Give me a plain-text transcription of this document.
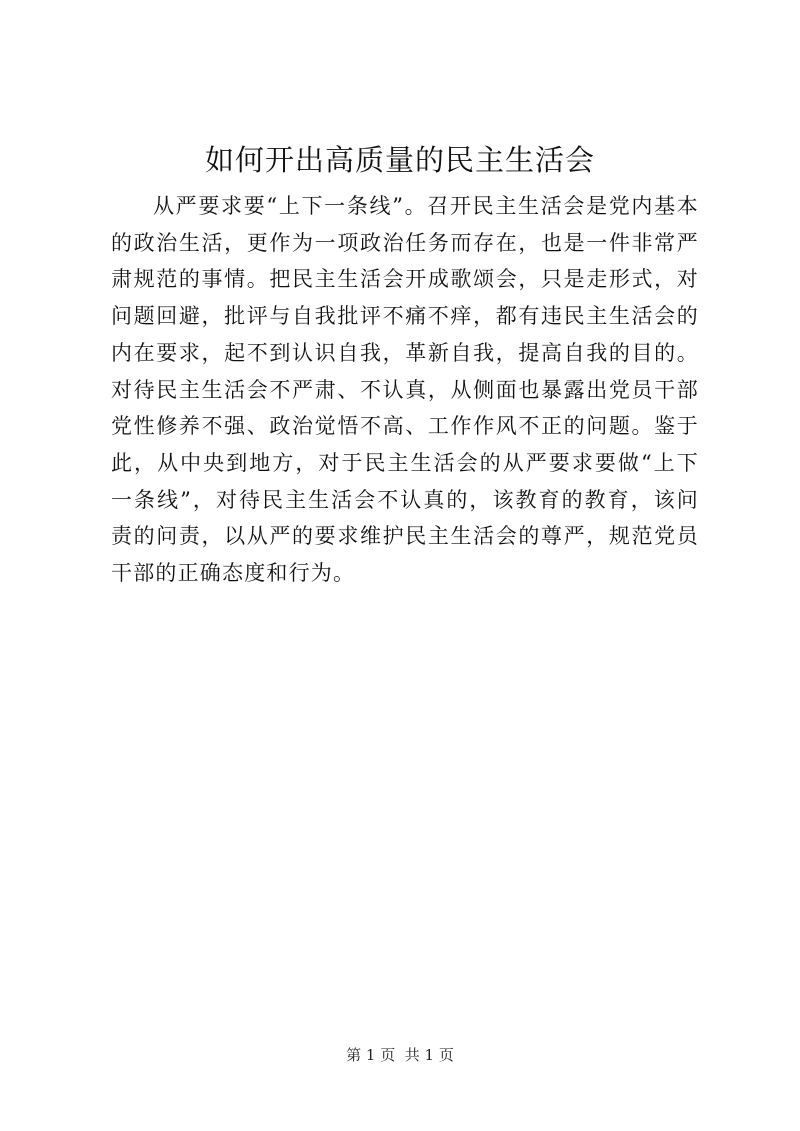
如何开出高质量的民主生活会

从严要求要“上下一条线”。召开民主生活会是党内基本的政治生活，更作为一项政治任务而存在，也是一件非常严肃规范的事情。把民主生活会开成歌颂会，只是走形式，对问题回避，批评与自我批评不痛不痒，都有违民主生活会的内在要求，起不到认识自我，革新自我，提高自我的目的。对待民主生活会不严肃、不认真，从侧面也暴露出党员干部党性修养不强、政治觉悟不高、工作作风不正的问题。鉴于此，从中央到地方，对于民主生活会的从严要求要做“上下一条线”，对待民主生活会不认真的，该教育的教育，该问责的问责，以从严的要求维护民主生活会的尊严，规范党员干部的正确态度和行为。

第 1 页  共 1 页
